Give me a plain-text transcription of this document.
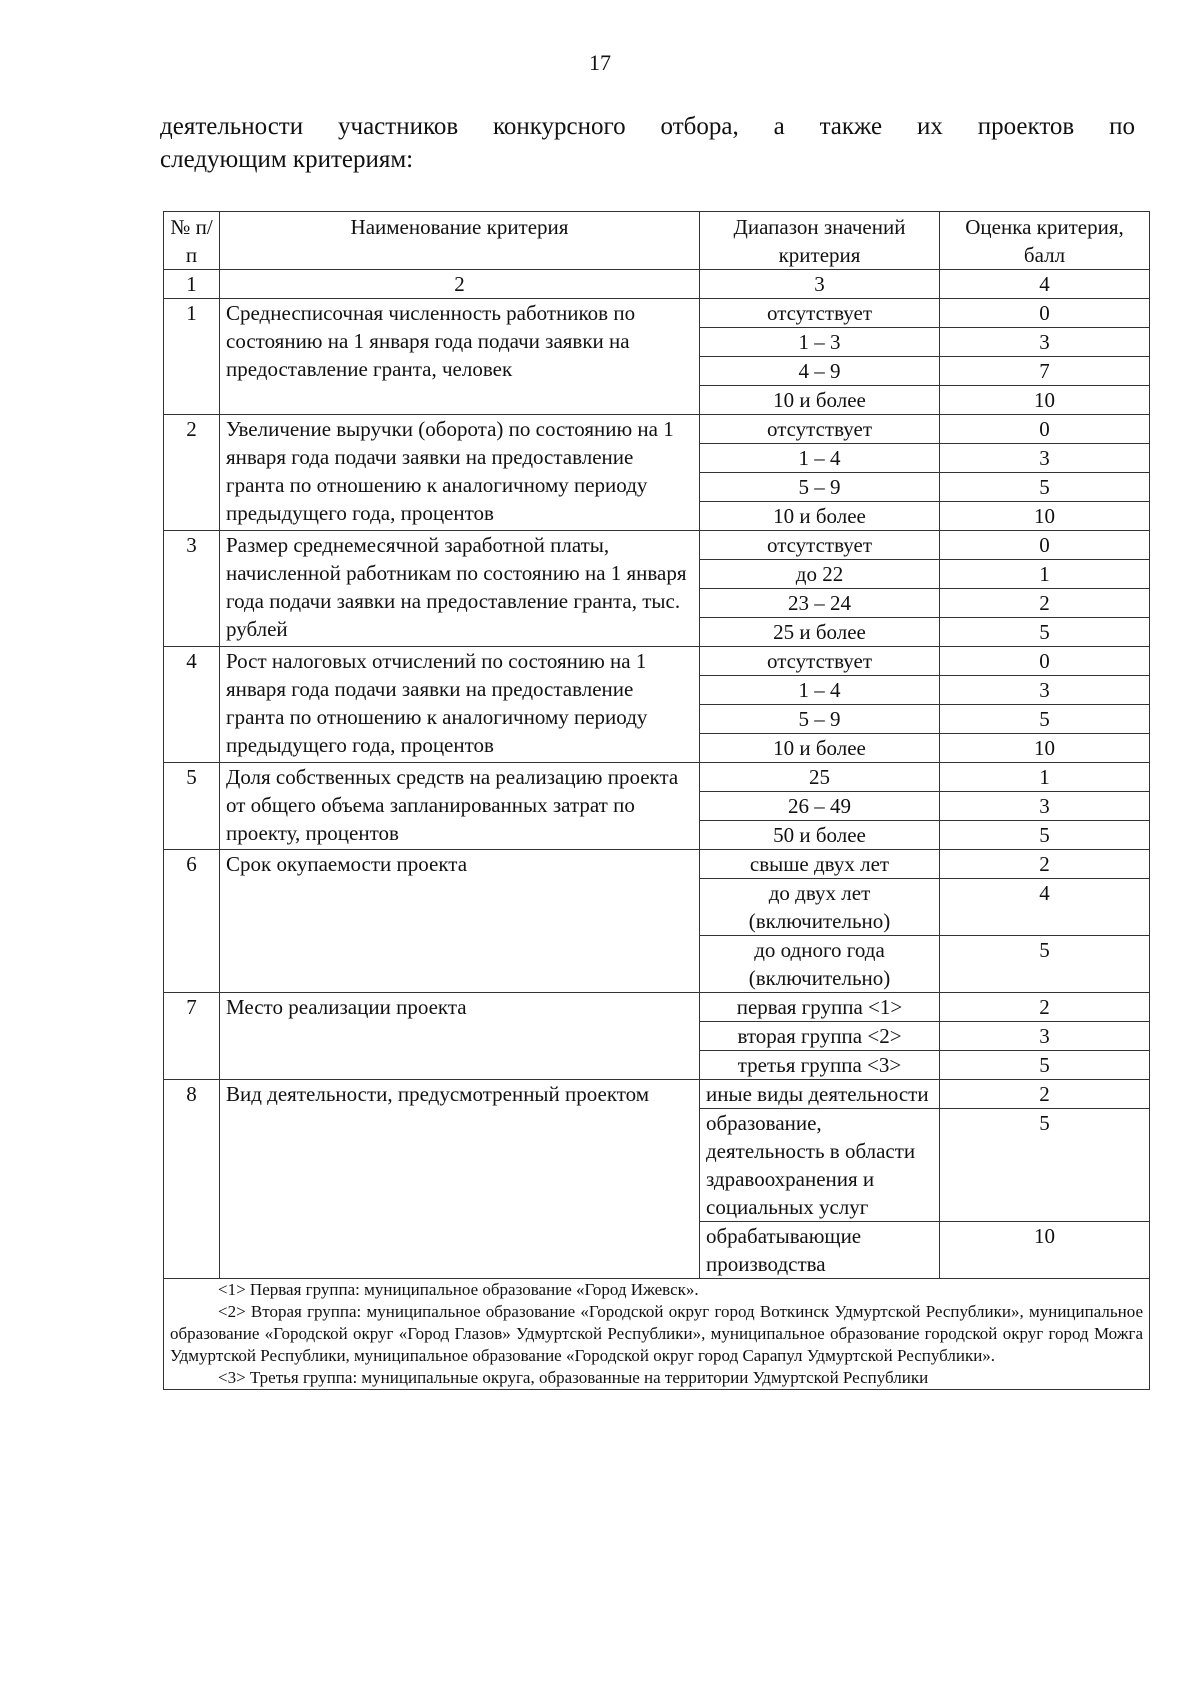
17
деятельности участников конкурсного отбора, а также их проектов по
следующим критериям:
№ п/п	Наименование критерия	Диапазон значений критерия	Оценка критерия, балл
1	2	3	4
1	Среднесписочная численность работников по состоянию на 1 января года подачи заявки на предоставление гранта, человек	отсутствует	0
		1 – 3	3
		4 – 9	7
		10 и более	10
2	Увеличение выручки (оборота) по состоянию на 1 января года подачи заявки на предоставление гранта по отношению к аналогичному периоду предыдущего года, процентов	отсутствует	0
		1 – 4	3
		5 – 9	5
		10 и более	10
3	Размер среднемесячной заработной платы, начисленной работникам по состоянию на 1 января года подачи заявки на предоставление гранта, тыс. рублей	отсутствует	0
		до 22	1
		23 – 24	2
		25 и более	5
4	Рост налоговых отчислений по состоянию на 1 января года подачи заявки на предоставление гранта по отношению к аналогичному периоду предыдущего года, процентов	отсутствует	0
		1 – 4	3
		5 – 9	5
		10 и более	10
5	Доля собственных средств на реализацию проекта от общего объема запланированных затрат по проекту, процентов	25	1
		26 – 49	3
		50 и более	5
6	Срок окупаемости проекта	свыше двух лет	2
		до двух лет (включительно)	4
		до одного года (включительно)	5
7	Место реализации проекта	первая группа <1>	2
		вторая группа <2>	3
		третья группа <3>	5
8	Вид деятельности, предусмотренный проектом	иные виды деятельности	2
		образование, деятельность в области здравоохранения и социальных услуг	5
		обрабатывающие производства	10

<1> Первая группа: муниципальное образование «Город Ижевск».

<2> Вторая группа: муниципальное образование «Городской округ город Воткинск Удмуртской Республики», муниципальное образование «Городской округ «Город Глазов» Удмуртской Республики», муниципальное образование городской округ город Можга Удмуртской Республики, муниципальное образование «Городской округ город Сарапул Удмуртской Республики».

<3> Третья группа: муниципальные округа, образованные на территории Удмуртской Республики			
